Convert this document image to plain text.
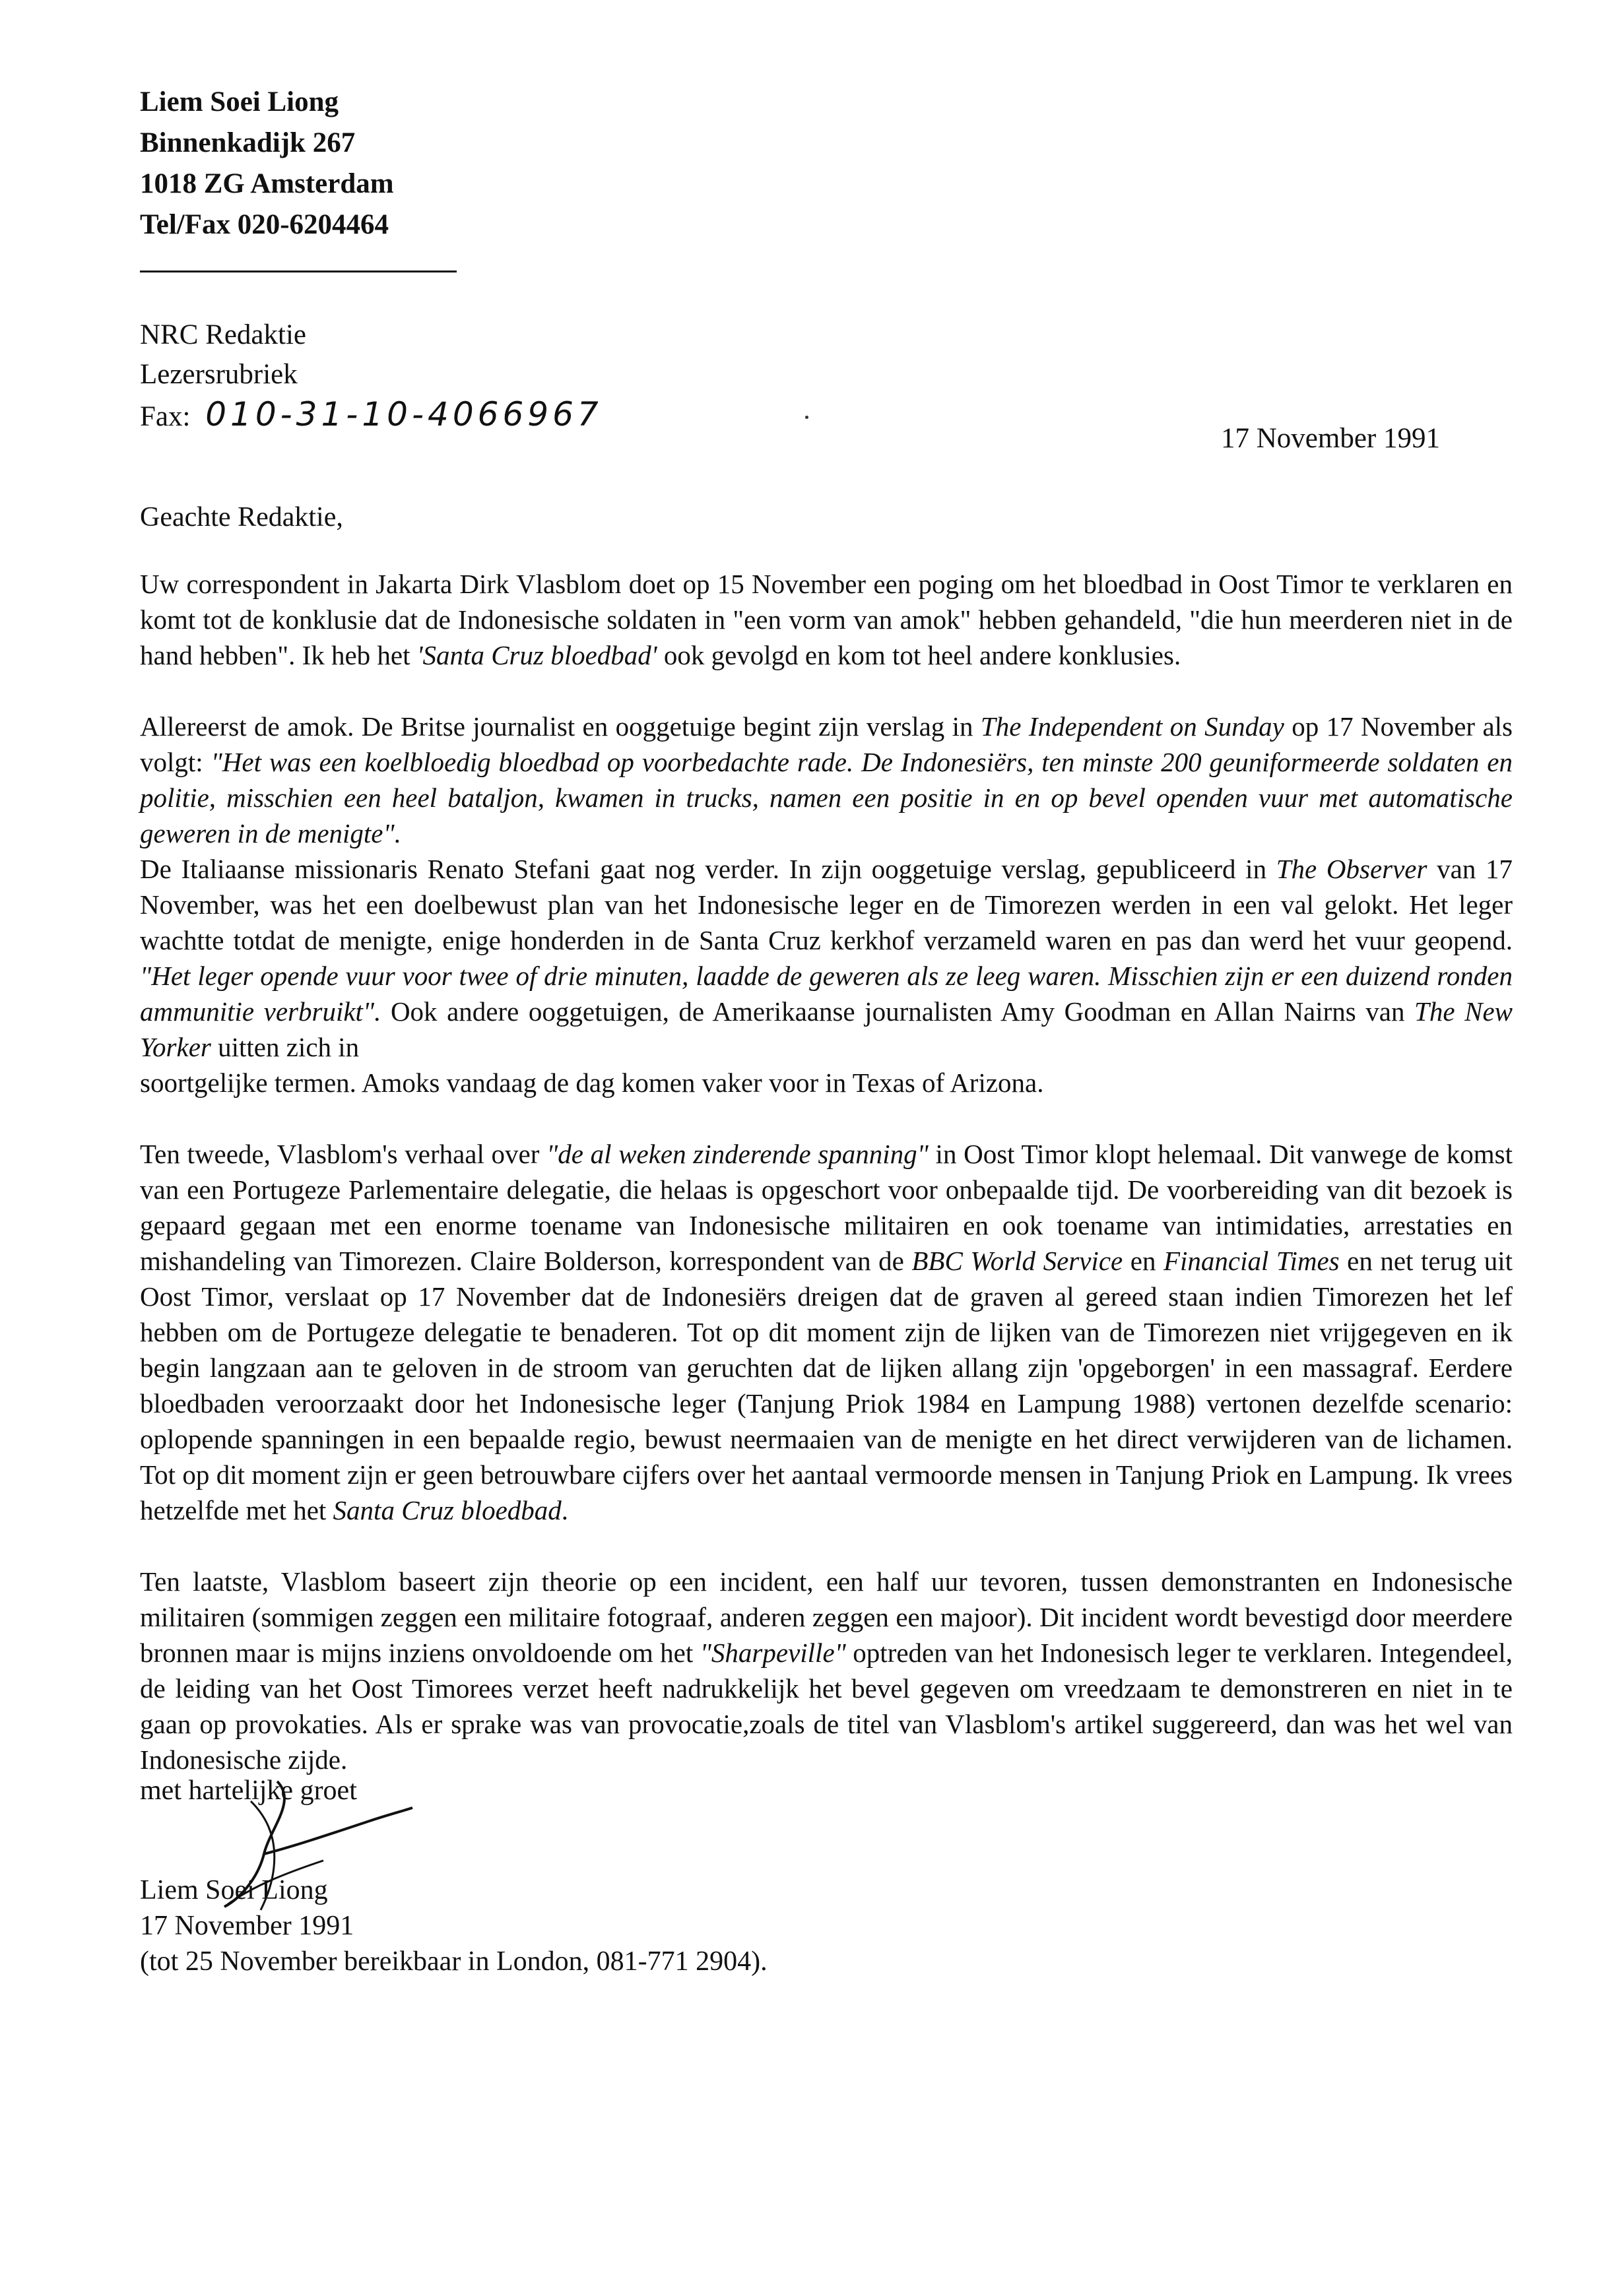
Liem Soei Liong
Binnenkadijk 267
1018 ZG Amsterdam
Tel/Fax 020-6204464
NRC Redaktie
Lezersrubriek
Fax: 010-31-10-4066967
17 November 1991
Geachte Redaktie,

Uw correspondent in Jakarta Dirk Vlasblom doet op 15 November een poging om het bloedbad in Oost Timor te verklaren en komt tot de konklusie dat de Indonesische soldaten in "een vorm van amok" hebben gehandeld, "die hun meerderen niet in de hand hebben". Ik heb het 'Santa Cruz bloedbad' ook gevolgd en kom tot heel andere konklusies.

Allereerst de amok. De Britse journalist en ooggetuige begint zijn verslag in The Independent on Sunday op 17 November als volgt: "Het was een koelbloedig bloedbad op voorbedachte rade. De Indonesiërs, ten minste 200 geuniformeerde soldaten en politie, misschien een heel bataljon, kwamen in trucks, namen een positie in en op bevel openden vuur met automatische geweren in de menigte".

De Italiaanse missionaris Renato Stefani gaat nog verder. In zijn ooggetuige verslag, gepubliceerd in The Observer van 17 November, was het een doelbewust plan van het Indonesische leger en de Timorezen werden in een val gelokt. Het leger wachtte totdat de menigte, enige honderden in de Santa Cruz kerkhof verzameld waren en pas dan werd het vuur geopend. "Het leger opende vuur voor twee of drie minuten, laadde de geweren als ze leeg waren. Misschien zijn er een duizend ronden ammunitie verbruikt". Ook andere ooggetuigen, de Amerikaanse journalisten Amy Goodman en Allan Nairns van The New Yorker uitten zich in

soortgelijke termen. Amoks vandaag de dag komen vaker voor in Texas of Arizona.

Ten tweede, Vlasblom's verhaal over "de al weken zinderende spanning" in Oost Timor klopt helemaal. Dit vanwege de komst van een Portugeze Parlementaire delegatie, die helaas is opgeschort voor onbepaalde tijd. De voorbereiding van dit bezoek is gepaard gegaan met een enorme toename van Indonesische militairen en ook toename van intimidaties, arrestaties en mishandeling van Timorezen. Claire Bolderson, korrespondent van de BBC World Service en Financial Times en net terug uit Oost Timor, verslaat op 17 November dat de Indonesiërs dreigen dat de graven al gereed staan indien Timorezen het lef hebben om de Portugeze delegatie te benaderen. Tot op dit moment zijn de lijken van de Timorezen niet vrijgegeven en ik begin langzaan aan te geloven in de stroom van geruchten dat de lijken allang zijn 'opgeborgen' in een massagraf. Eerdere bloedbaden veroorzaakt door het Indonesische leger (Tanjung Priok 1984 en Lampung 1988) vertonen dezelfde scenario: oplopende spanningen in een bepaalde regio, bewust neermaaien van de menigte en het direct verwijderen van de lichamen. Tot op dit moment zijn er geen betrouwbare cijfers over het aantaal vermoorde mensen in Tanjung Priok en Lampung. Ik vrees hetzelfde met het Santa Cruz bloedbad.

Ten laatste, Vlasblom baseert zijn theorie op een incident, een half uur tevoren, tussen demonstranten en Indonesische militairen (sommigen zeggen een militaire fotograaf, anderen zeggen een majoor). Dit incident wordt bevestigd door meerdere bronnen maar is mijns inziens onvoldoende om het "Sharpeville" optreden van het Indonesisch leger te verklaren. Integendeel, de leiding van het Oost Timorees verzet heeft nadrukkelijk het bevel gegeven om vreedzaam te demonstreren en niet in te gaan op provokaties. Als er sprake was van provocatie,zoals de titel van Vlasblom's artikel suggereerd, dan was het wel van Indonesische zijde.

met hartelijke groet
Liem Soei Liong
17 November 1991
(tot 25 November bereikbaar in London, 081-771 2904).
